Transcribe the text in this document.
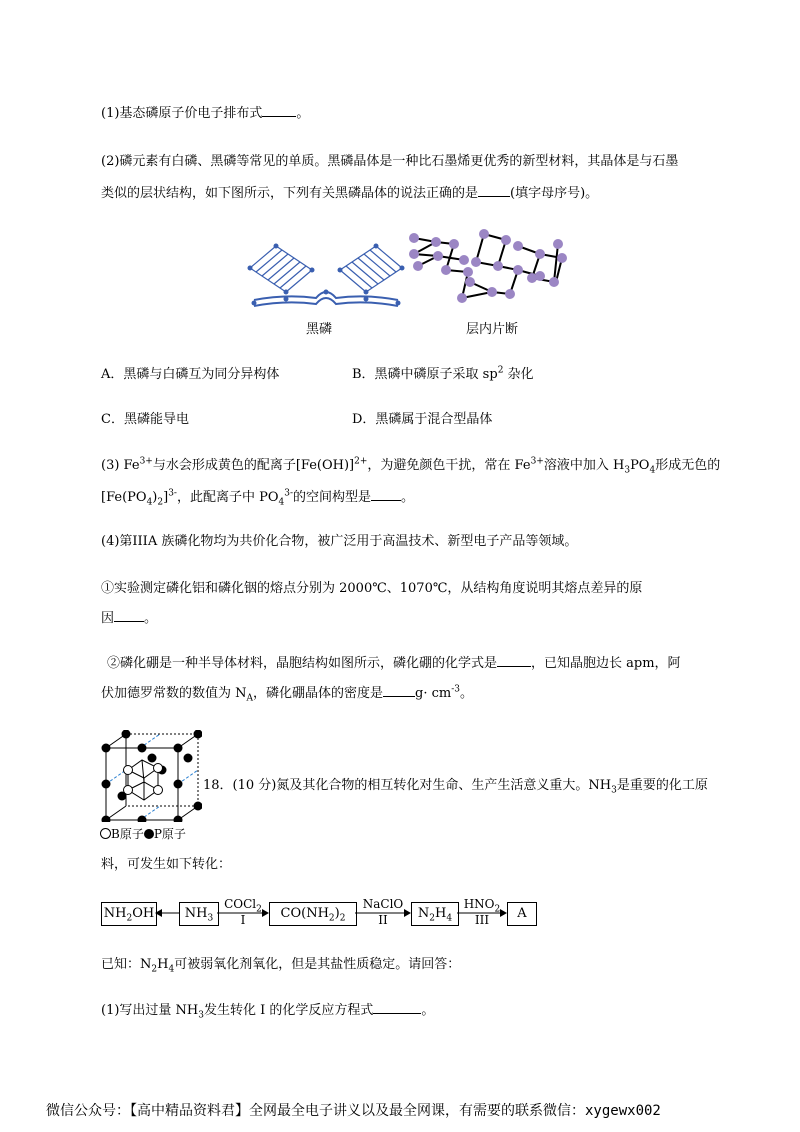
(1)基态磷原子价电子排布式	。
(2)磷元素有白磷、黑磷等常见的单质。黑磷晶体是一种比石墨烯更优秀的新型材料，其晶体是与石墨
类似的层状结构，如下图所示，下列有关黑磷晶体的说法正确的是 (填字母序号)。
黑磷	层内片断
A．黑磷与白磷互为同分异构体	B．黑磷中磷原子采取 $sp^2$ 杂化
C．黑磷能导电	D．黑磷属于混合型晶体
(3) $Fe^{3+}$与水会形成黄色的配离子$[Fe(OH)]^{2+}$，为避免颜色干扰，常在 $Fe^{3+}$溶液中加入 $H_3PO_4$形成无色的
$[Fe(PO_4)_2]^{3-}$，此配离子中 $PO_4^{3-}$的空间构型是 。
(4)第IIIA 族磷化物均为共价化合物，被广泛用于高温技术、新型电子产品等领域。
①实验测定磷化铝和磷化铟的熔点分别为 2000℃、1070℃，从结构角度说明其熔点差异的原
因 。
②磷化硼是一种半导体材料，晶胞结构如图所示，磷化硼的化学式是	，已知晶胞边长 apm，阿
伏加德罗常数的数值为 $N_A$，磷化硼晶体的密度是 $g\cdot cm^{-3}$。
B原子 P原子
18．(10 分)氮及其化合物的相互转化对生命、生产生活意义重大。$NH_3$是重要的化工原
料，可发生如下转化：
$NH_2OH$	$NH_3$
COCl$_2$
I	$CO(NH_2)_2$
NaClO
II	$N_2H_4$
$HNO_2$
III	A
已知：$N_2H_4$可被弱氧化剂氧化，但是其盐性质稳定。请回答：
(1)写出过量 $NH_3$发生转化 I 的化学反应方程式	。
微信公众号：【高中精品资料君】全网最全电子讲义以及最全网课，有需要的联系微信：xygewx002
